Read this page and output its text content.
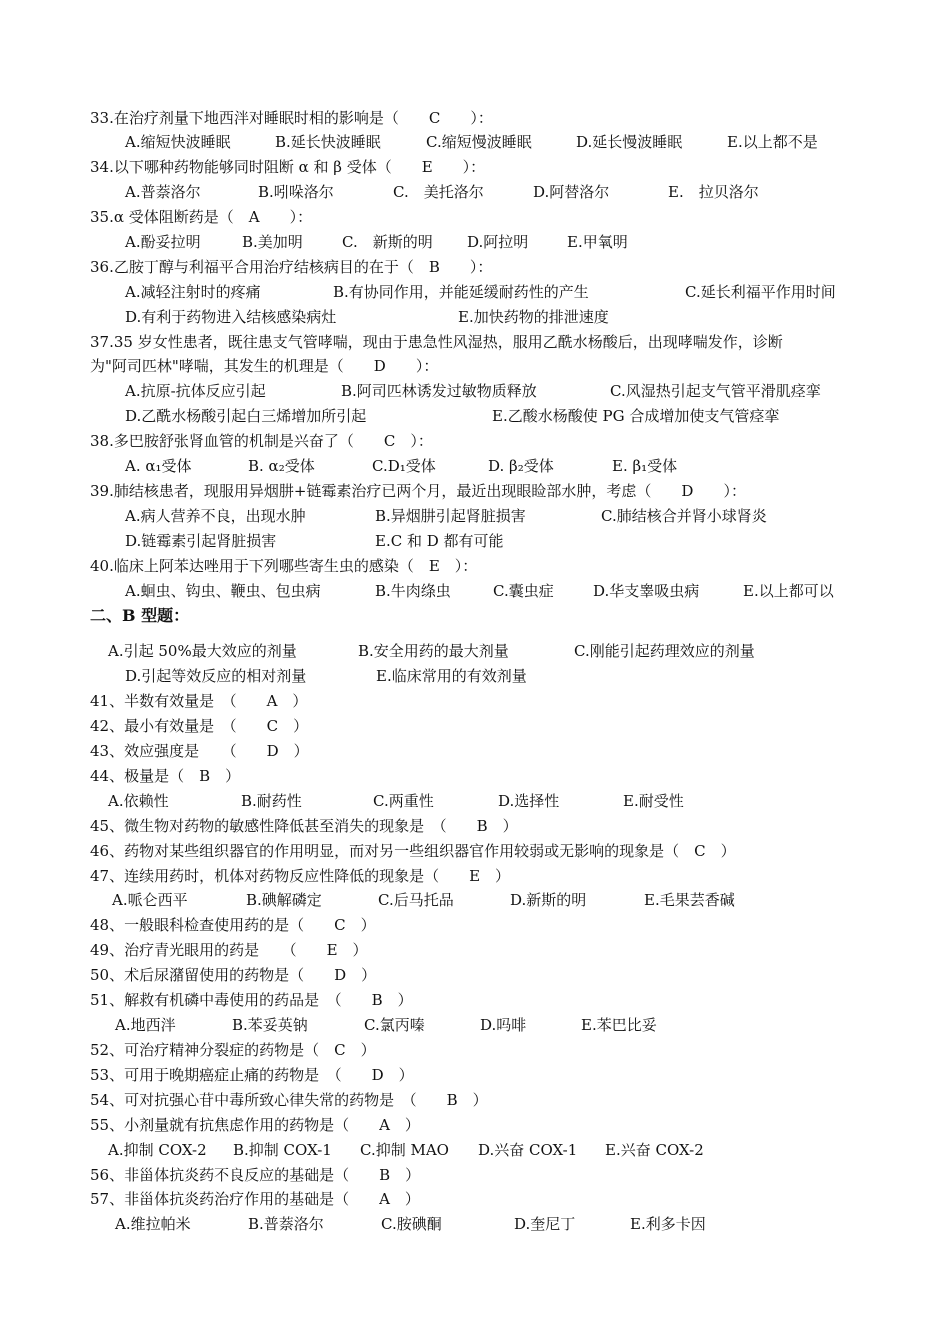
33.在治疗剂量下地西泮对睡眠时相的影响是（　　C　　）：
A.缩短快波睡眠	B.延长快波睡眠	C.缩短慢波睡眠	D.延长慢波睡眠	E.以上都不是
34.以下哪种药物能够同时阻断 α 和 β 受体（　　E　　）：
A.普萘洛尔	B.吲哚洛尔	C.　美托洛尔	D.阿替洛尔	E.　拉贝洛尔
35.α 受体阻断药是（　A　　）：
A.酚妥拉明	B.美加明	C.　新斯的明 D.阿拉明	E.甲氧明
36.乙胺丁醇与利福平合用治疗结核病目的在于（　B　　）：
A.减轻注射时的疼痛	B.有协同作用，并能延缓耐药性的产生	C.延长利福平作用时间
D.有利于药物进入结核感染病灶	E.加快药物的排泄速度
37.35 岁女性患者，既往患支气管哮喘，现由于患急性风湿热，服用乙酰水杨酸后，出现哮喘发作，诊断
为"阿司匹林"哮喘，其发生的机理是（　　D　　）：
A.抗原-抗体反应引起	B.阿司匹林诱发过敏物质释放	C.风湿热引起支气管平滑肌痉挛
D.乙酰水杨酸引起白三烯增加所引起	E.乙酸水杨酸使 PG 合成增加使支气管痉挛
38.多巴胺舒张肾血管的机制是兴奋了（　　C　）：
A. α₁受体	B. α₂受体	C.D₁受体	D. β₂受体	E. β₁受体
39.肺结核患者，现服用异烟肼+链霉素治疗已两个月，最近出现眼睑部水肿，考虑（　　D　　）：
A.病人营养不良，出现水肿	B.异烟肼引起肾脏损害	C.肺结核合并肾小球肾炎
D.链霉素引起肾脏损害	E.C 和 D 都有可能
40.临床上阿苯达唑用于下列哪些寄生虫的感染（　E　）：
A.蛔虫、钩虫、鞭虫、包虫病	B.牛肉绦虫	C.囊虫症	D.华支睾吸虫病	E.以上都可以
二、B 型题：
A.引起 50%最大效应的剂量	B.安全用药的最大剂量	C.刚能引起药理效应的剂量
D.引起等效反应的相对剂量	E.临床常用的有效剂量
41、半数有效量是　（　　A　）
42、最小有效量是　（　　C　）
43、效应强度是　　（　　D　）
44、极量是（　B　）
A.依赖性	B.耐药性	C.两重性	D.选择性	E.耐受性
45、微生物对药物的敏感性降低甚至消失的现象是　（　　B　）
46、药物对某些组织器官的作用明显，而对另一些组织器官作用较弱或无影响的现象是（　C　）
47、连续用药时，机体对药物反应性降低的现象是（　　E　）
A.哌仑西平	B.碘解磷定	C.后马托品	D.新斯的明	E.毛果芸香碱
48、一般眼科检查使用药的是（　　C　）
49、治疗青光眼用的药是　　（　　E　）
50、术后尿潴留使用的药物是（　　D　）
51、解救有机磷中毒使用的药品是　（　　B　）
A.地西泮	B.苯妥英钠	C.氯丙嗪	D.吗啡	E.苯巴比妥
52、可治疗精神分裂症的药物是（　C　）
53、可用于晚期癌症止痛的药物是　（　　D　）
54、可对抗强心苷中毒所致心律失常的药物是　（　　B　）
55、小剂量就有抗焦虑作用的药物是（　　A　）
A.抑制 COX-2 B.抑制 COX-1 C.抑制 MAO D.兴奋 COX-1 E.兴奋 COX-2
56、非甾体抗炎药不良反应的基础是（　　B　）
57、非甾体抗炎药治疗作用的基础是（　　A　）
A.维拉帕米	B.普萘洛尔	C.胺碘酮	D.奎尼丁	E.利多卡因
